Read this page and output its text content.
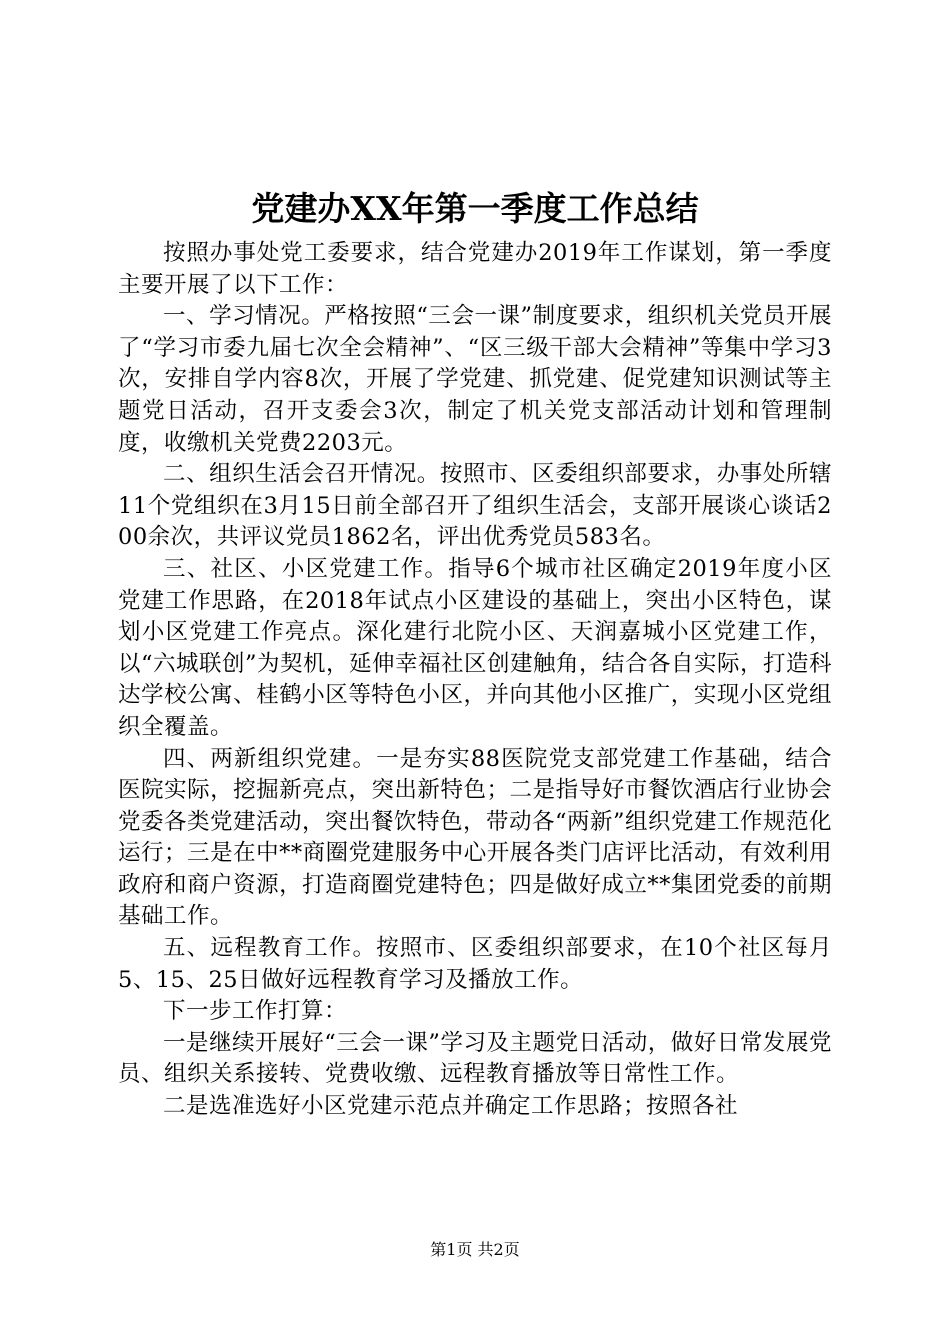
党建办XX年第一季度工作总结

按照办事处党工委要求，结合党建办2019年工作谋划，第一季度主要开展了以下工作：

一、学习情况。严格按照“三会一课”制度要求，组织机关党员开展了“学习市委九届七次全会精神”、“区三级干部大会精神”等集中学习3次，安排自学内容8次，开展了学党建、抓党建、促党建知识测试等主题党日活动，召开支委会3次，制定了机关党支部活动计划和管理制度，收缴机关党费2203元。

二、组织生活会召开情况。按照市、区委组织部要求，办事处所辖11个党组织在3月15日前全部召开了组织生活会，支部开展谈心谈话200余次，共评议党员1862名，评出优秀党员583名。

三、社区、小区党建工作。指导6个城市社区确定2019年度小区党建工作思路，在2018年试点小区建设的基础上，突出小区特色，谋划小区党建工作亮点。深化建行北院小区、天润嘉城小区党建工作，以“六城联创”为契机，延伸幸福社区创建触角，结合各自实际，打造科达学校公寓、桂鹤小区等特色小区，并向其他小区推广，实现小区党组织全覆盖。

四、两新组织党建。一是夯实88医院党支部党建工作基础，结合医院实际，挖掘新亮点，突出新特色；二是指导好市餐饮酒店行业协会党委各类党建活动，突出餐饮特色，带动各“两新”组织党建工作规范化运行；三是在中**商圈党建服务中心开展各类门店评比活动，有效利用政府和商户资源，打造商圈党建特色；四是做好成立**集团党委的前期基础工作。

五、远程教育工作。按照市、区委组织部要求，在10个社区每月5、15、25日做好远程教育学习及播放工作。

下一步工作打算：

一是继续开展好“三会一课”学习及主题党日活动，做好日常发展党员、组织关系接转、党费收缴、远程教育播放等日常性工作。

二是选准选好小区党建示范点并确定工作思路；按照各社

第1页 共2页
